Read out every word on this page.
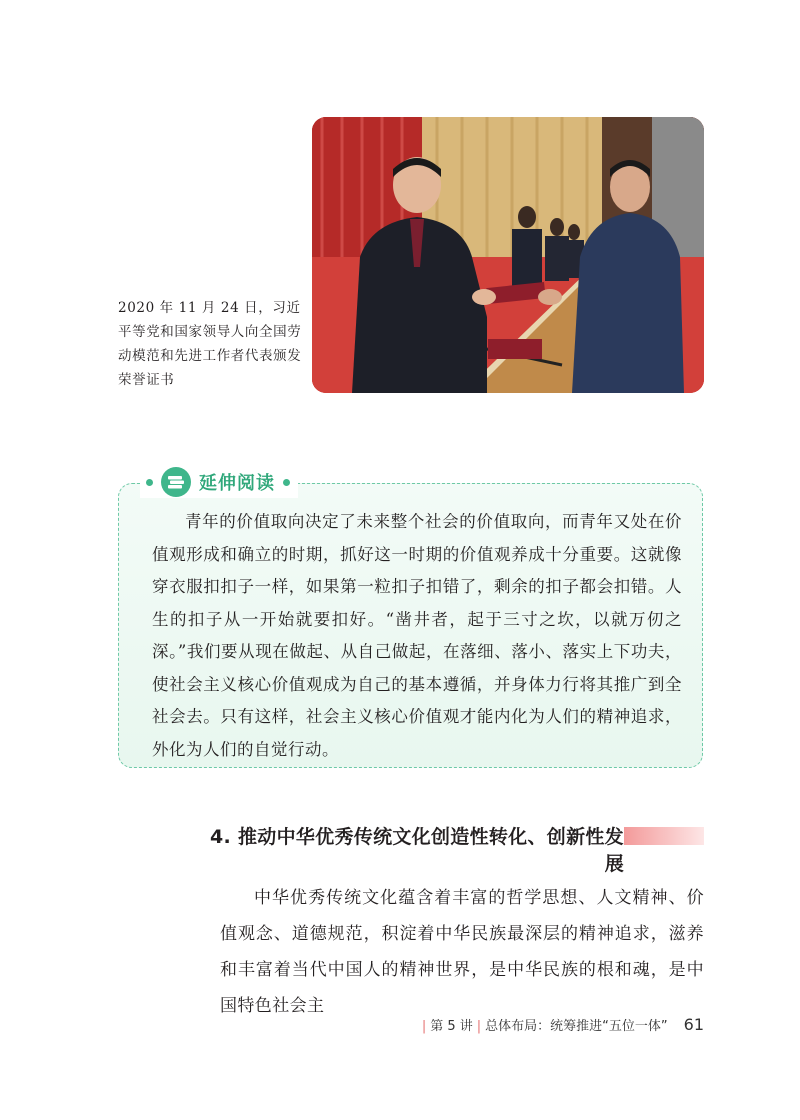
2020 年 11 月 24 日，习近平等党和国家领导人向全国劳动模范和先进工作者代表颁发荣誉证书
延伸阅读
青年的价值取向决定了未来整个社会的价值取向，而青年又处在价值观形成和确立的时期，抓好这一时期的价值观养成十分重要。这就像穿衣服扣扣子一样，如果第一粒扣子扣错了，剩余的扣子都会扣错。人生的扣子从一开始就要扣好。“凿井者，起于三寸之坎，以就万仞之深。”我们要从现在做起、从自己做起，在落细、落小、落实上下功夫，使社会主义核心价值观成为自己的基本遵循，并身体力行将其推广到全社会去。只有这样，社会主义核心价值观才能内化为人们的精神追求，外化为人们的自觉行动。
4. 推动中华优秀传统文化创造性转化、创新性发展
中华优秀传统文化蕴含着丰富的哲学思想、人文精神、价值观念、道德规范，积淀着中华民族最深层的精神追求，滋养和丰富着当代中国人的精神世界，是中华民族的根和魂，是中国特色社会主
| 第 5 讲 | 总体布局：统筹推进“五位一体” 61
